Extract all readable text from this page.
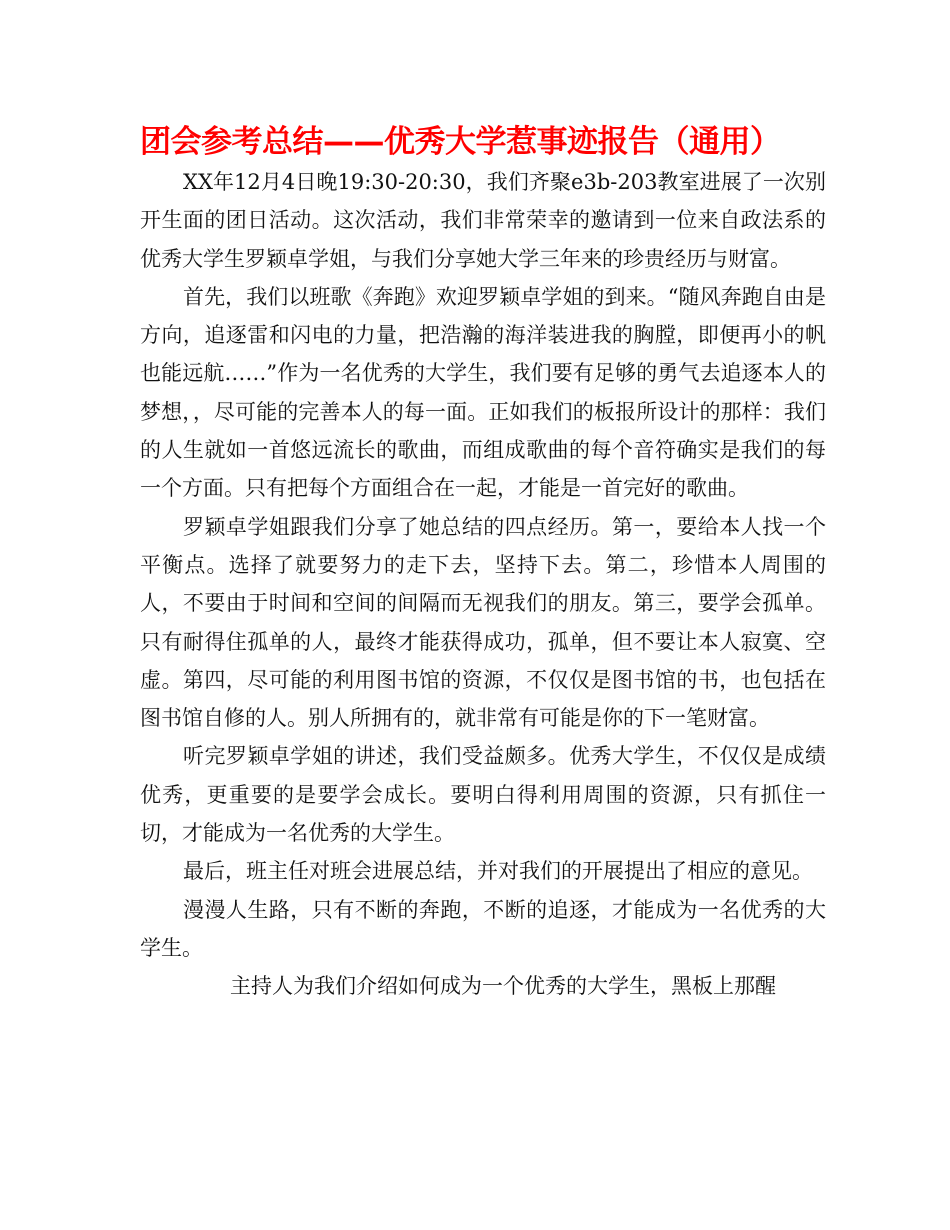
团会参考总结——优秀大学惹事迹报告（通用）

XX年12月4日晚19:30-20:30，我们齐聚e3b-203教室进展了一次别开生面的团日活动。这次活动，我们非常荣幸的邀请到一位来自政法系的优秀大学生罗颖卓学姐，与我们分享她大学三年来的珍贵经历与财富。

首先，我们以班歌《奔跑》欢迎罗颖卓学姐的到来。“随风奔跑自由是方向，追逐雷和闪电的力量，把浩瀚的海洋装进我的胸膛，即便再小的帆也能远航……”作为一名优秀的大学生，我们要有足够的勇气去追逐本人的梦想，，尽可能的完善本人的每一面。正如我们的板报所设计的那样：我们的人生就如一首悠远流长的歌曲，而组成歌曲的每个音符确实是我们的每一个方面。只有把每个方面组合在一起，才能是一首完好的歌曲。

罗颖卓学姐跟我们分享了她总结的四点经历。第一，要给本人找一个平衡点。选择了就要努力的走下去，坚持下去。第二，珍惜本人周围的人，不要由于时间和空间的间隔而无视我们的朋友。第三，要学会孤单。只有耐得住孤单的人，最终才能获得成功，孤单，但不要让本人寂寞、空虚。第四，尽可能的利用图书馆的资源，不仅仅是图书馆的书，也包括在图书馆自修的人。别人所拥有的，就非常有可能是你的下一笔财富。

听完罗颖卓学姐的讲述，我们受益颇多。优秀大学生，不仅仅是成绩优秀，更重要的是要学会成长。要明白得利用周围的资源，只有抓住一切，才能成为一名优秀的大学生。

最后，班主任对班会进展总结，并对我们的开展提出了相应的意见。

漫漫人生路，只有不断的奔跑，不断的追逐，才能成为一名优秀的大学生。

主持人为我们介绍如何成为一个优秀的大学生，黑板上那醒
